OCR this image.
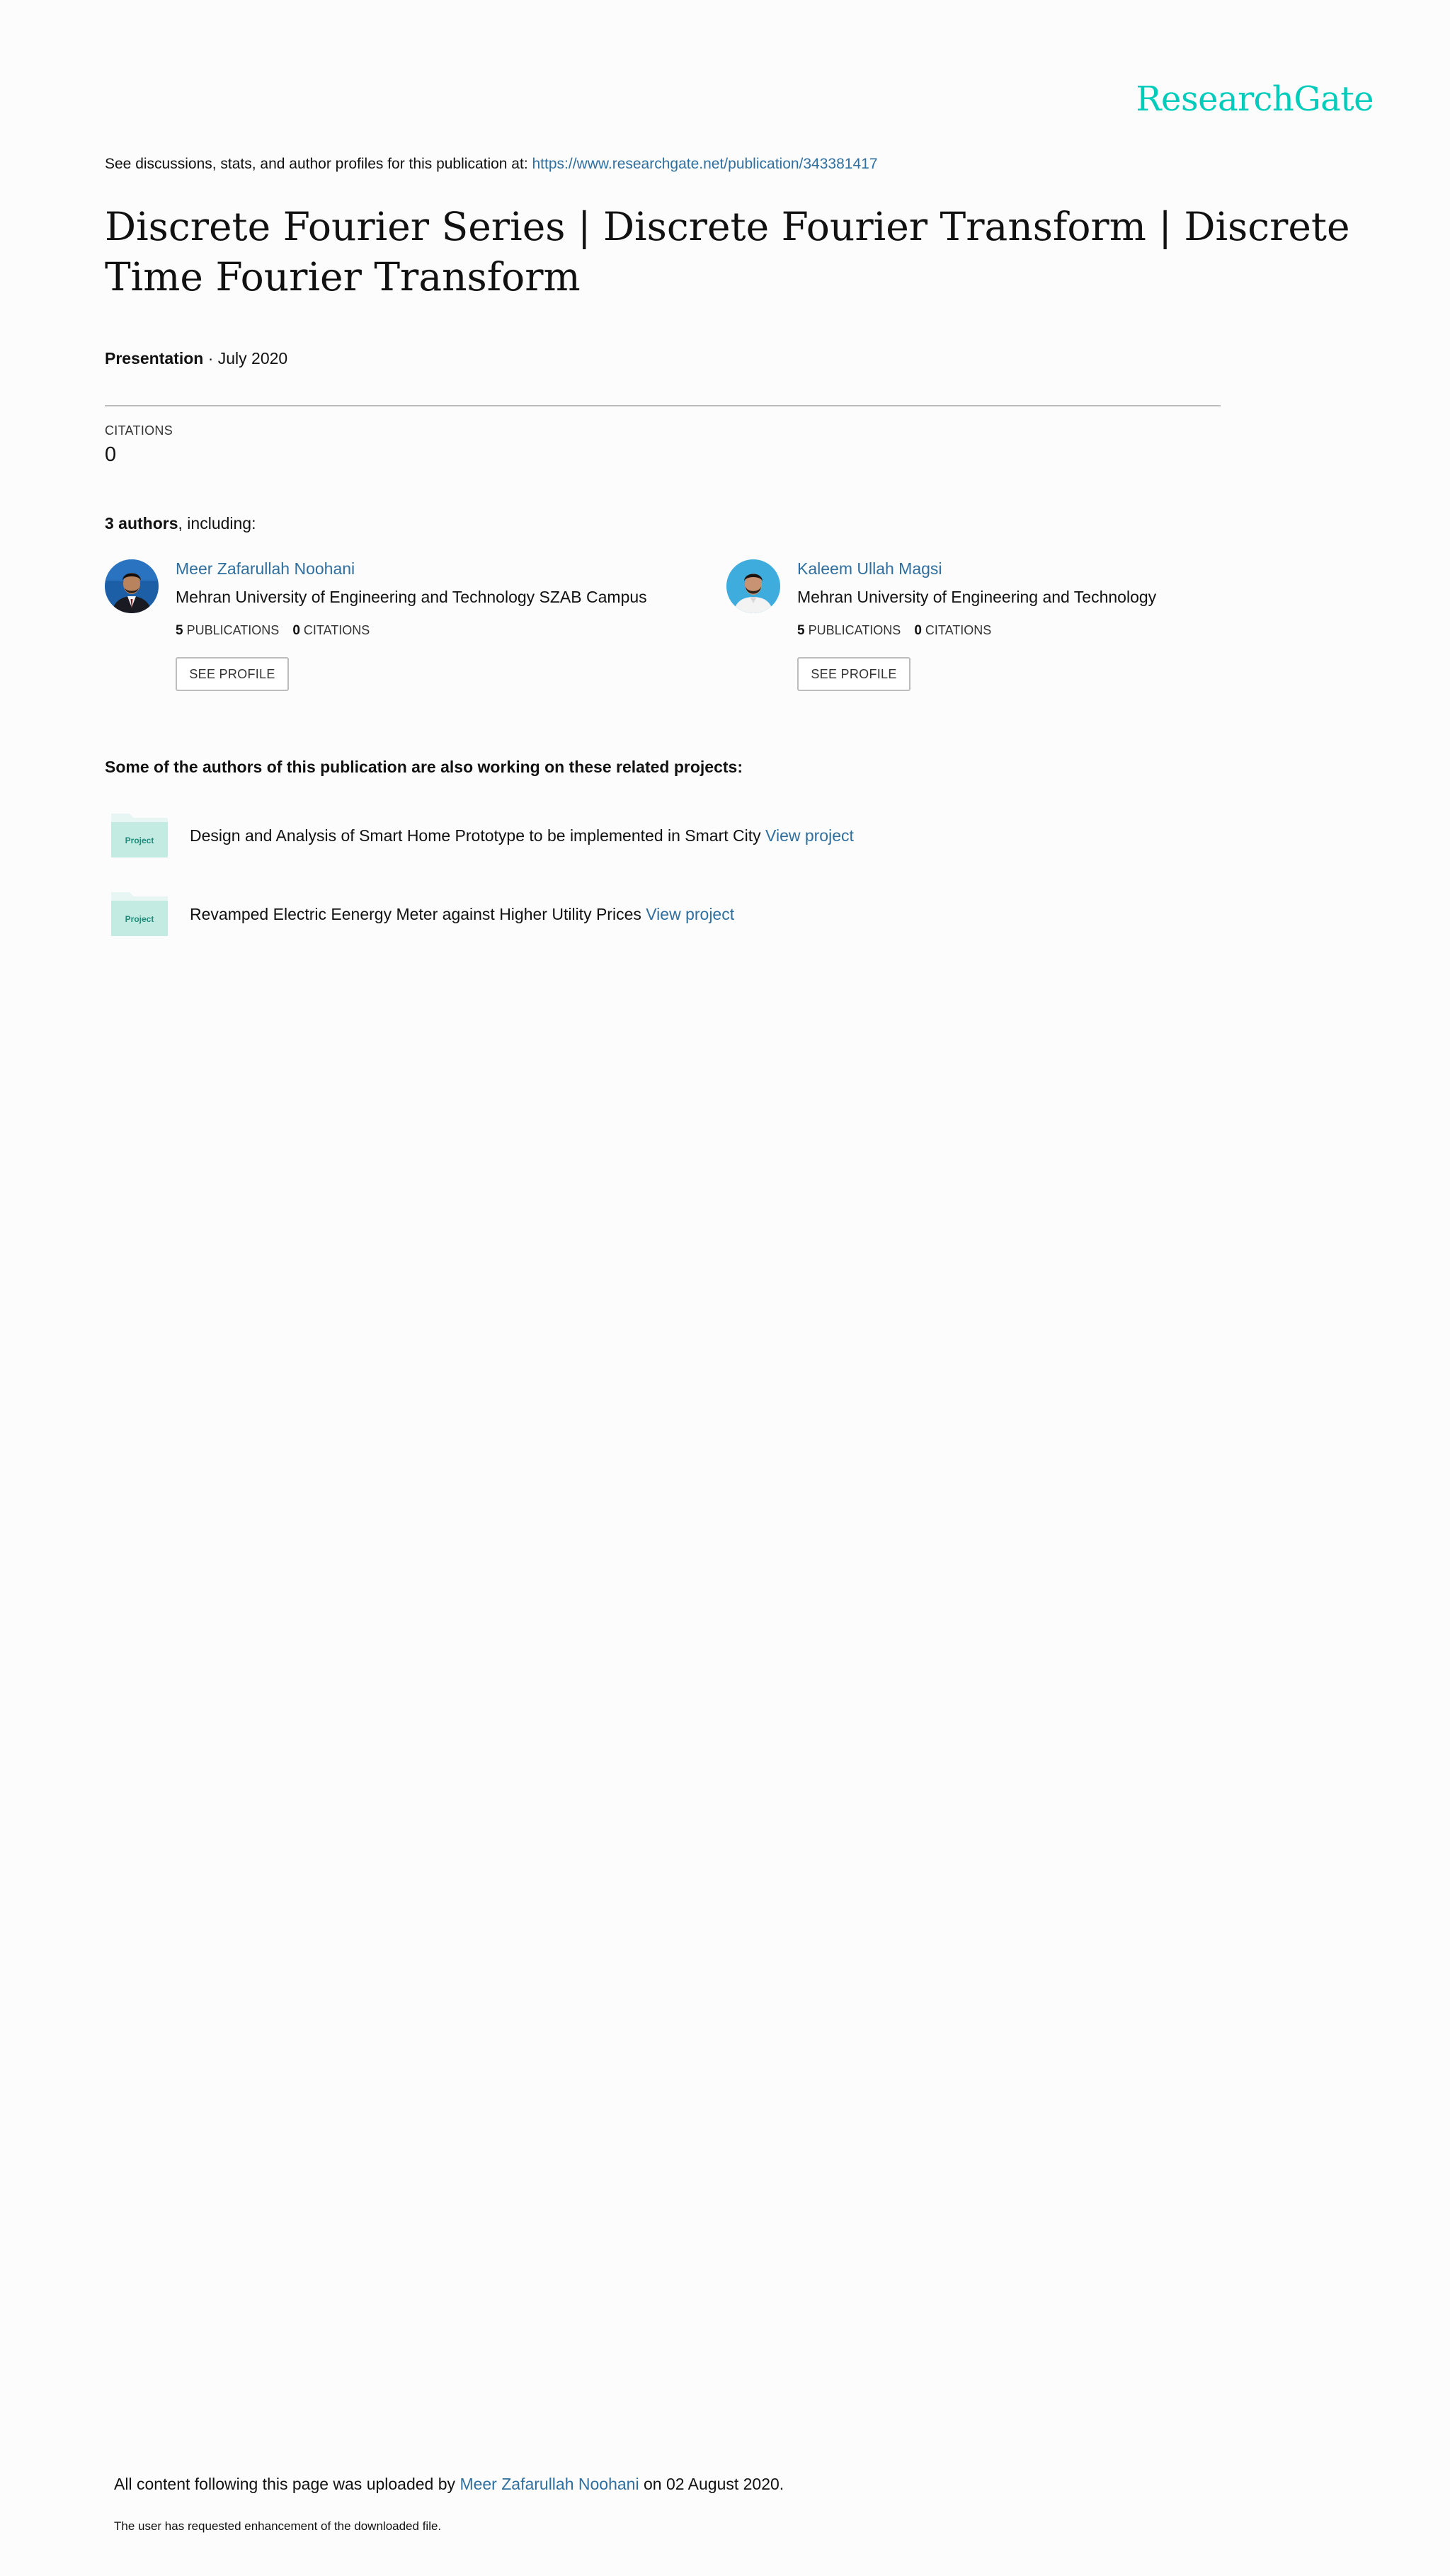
ResearchGate
See discussions, stats, and author profiles for this publication at: https://www.researchgate.net/publication/343381417
Discrete Fourier Series | Discrete Fourier Transform | Discrete Time Fourier Transform
Presentation · July 2020
CITATIONS
0
3 authors, including:
Meer Zafarullah Noohani
Mehran University of Engineering and Technology SZAB Campus
5 PUBLICATIONS 0 CITATIONS
SEE PROFILE
Kaleem Ullah Magsi
Mehran University of Engineering and Technology
5 PUBLICATIONS 0 CITATIONS
SEE PROFILE
Some of the authors of this publication are also working on these related projects:
Project Design and Analysis of Smart Home Prototype to be implemented in Smart City View project
Project Revamped Electric Eenergy Meter against Higher Utility Prices View project
All content following this page was uploaded by Meer Zafarullah Noohani on 02 August 2020.
The user has requested enhancement of the downloaded file.
